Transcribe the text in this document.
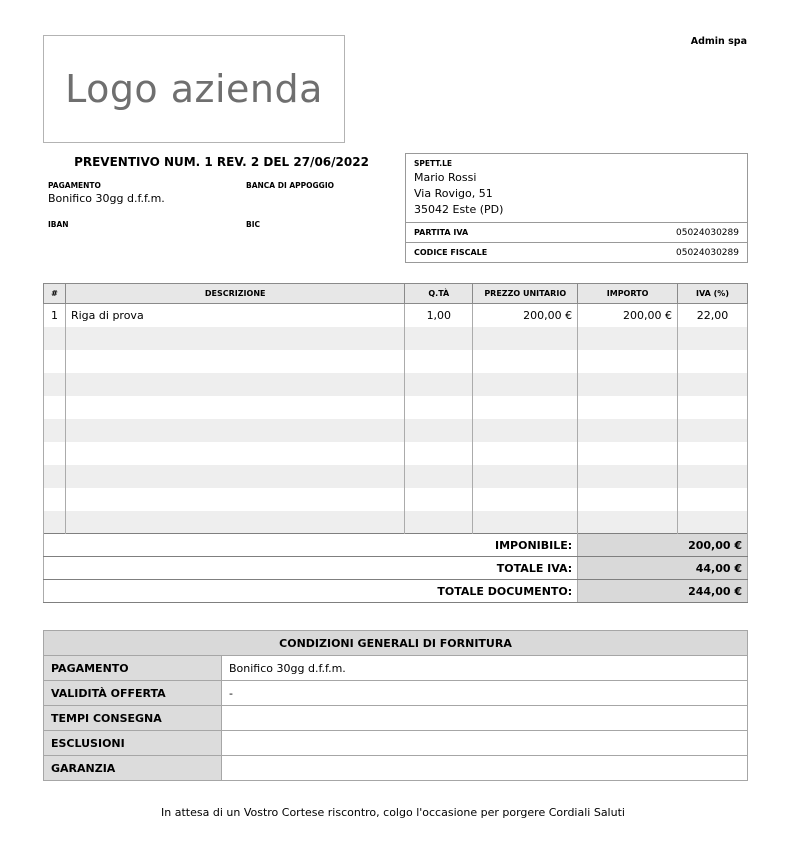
Admin spa
Logo azienda
PREVENTIVO NUM. 1 REV. 2 DEL 27/06/2022
PAGAMENTO
Bonifico 30gg d.f.f.m.
BANCA DI APPOGGIO
IBAN	BIC
SPETT.LE
Mario Rossi
Via Rovigo, 51
35042 Este (PD)
PARTITA IVA	05024030289
CODICE FISCALE	05024030289
#	DESCRIZIONE	Q.TÀ	PREZZO UNITARIO	IMPORTO	IVA (%)
1	Riga di prova	1,00	200,00 €	200,00 €	22,00

IMPONIBILE:				200,00 €	
TOTALE IVA:				44,00 €	
TOTALE DOCUMENTO:				244,00 €	
CONDIZIONI GENERALI DI FORNITURA	
PAGAMENTO	Bonifico 30gg d.f.f.m.
VALIDITÀ OFFERTA	-
TEMPI CONSEGNA	
ESCLUSIONI	
GARANZIA	
In attesa di un Vostro Cortese riscontro, colgo l'occasione per porgere Cordiali Saluti
